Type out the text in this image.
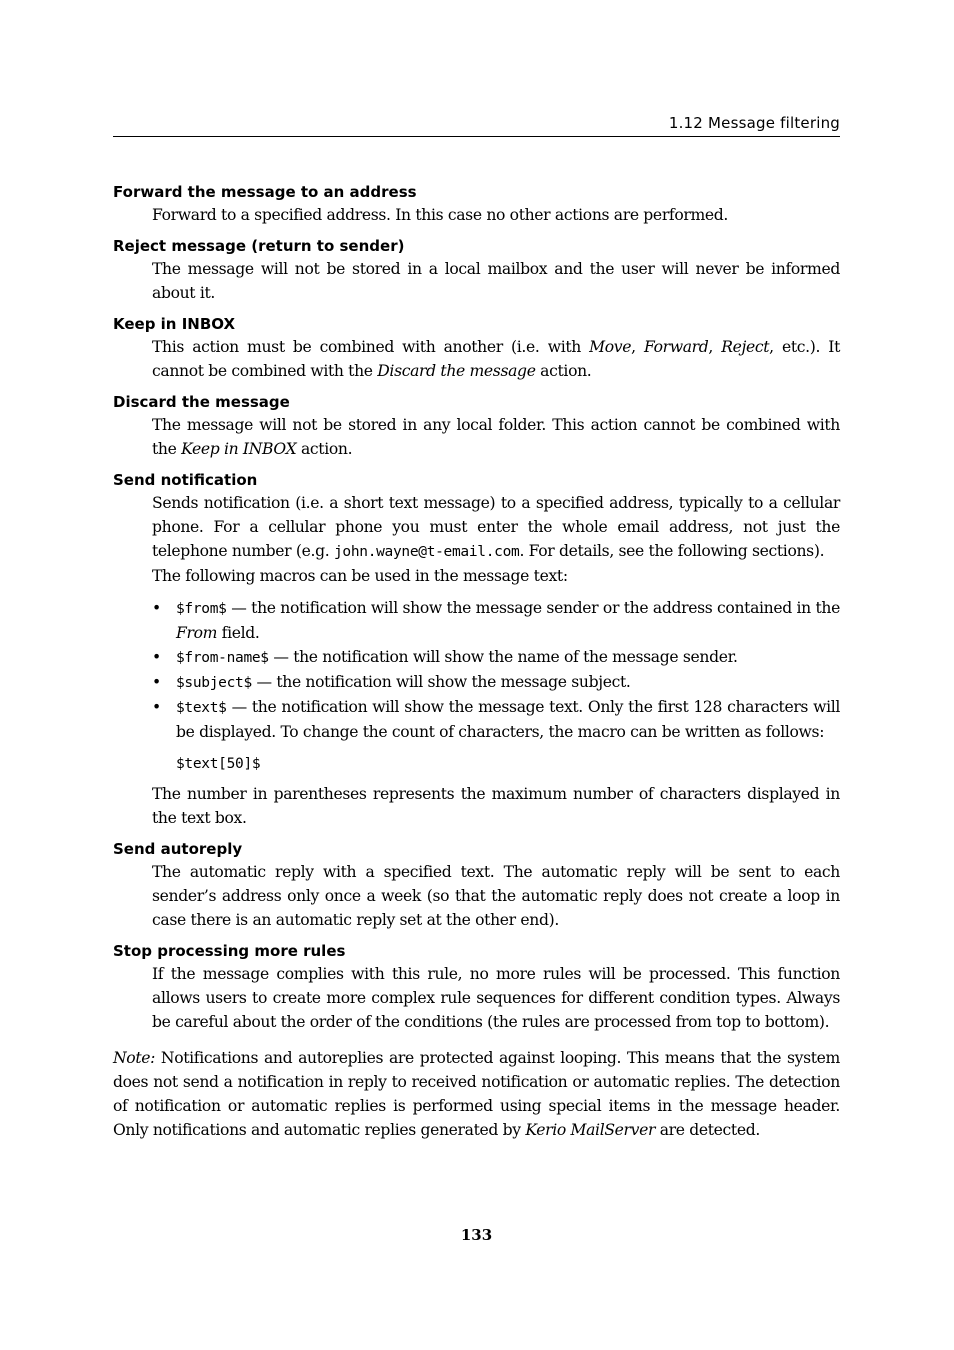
1.12 Message filtering

Forward the message to an address

Forward to a specified address. In this case no other actions are performed.

Reject message (return to sender)

The message will not be stored in a local mailbox and the user will never be informed about it.

Keep in INBOX

This action must be combined with another (i.e. with Move, Forward, Reject, etc.). It cannot be combined with the Discard the message action.

Discard the message

The message will not be stored in any local folder. This action cannot be combined with the Keep in INBOX action.

Send notification

Sends notification (i.e. a short text message) to a specified address, typically to a cellular phone. For a cellular phone you must enter the whole email address, not just the telephone number (e.g. john.wayne@t-email.com. For details, see the following sections).

The following macros can be used in the message text:

• $from$ — the notification will show the message sender or the address contained in the From field.
• $from-name$ — the notification will show the name of the message sender.
• $subject$ — the notification will show the message subject.
• $text$ — the notification will show the message text. Only the first 128 characters will be displayed. To change the count of characters, the macro can be written as follows:
$text[50]$

The number in parentheses represents the maximum number of characters displayed in the text box.

Send autoreply

The automatic reply with a specified text. The automatic reply will be sent to each sender’s address only once a week (so that the automatic reply does not create a loop in case there is an automatic reply set at the other end).

Stop processing more rules

If the message complies with this rule, no more rules will be processed. This function allows users to create more complex rule sequences for different condition types. Always be careful about the order of the conditions (the rules are processed from top to bottom).

Note: Notifications and autoreplies are protected against looping. This means that the system does not send a notification in reply to received notification or automatic replies. The detection of notification or automatic replies is performed using special items in the message header. Only notifications and automatic replies generated by Kerio MailServer are detected.

133
